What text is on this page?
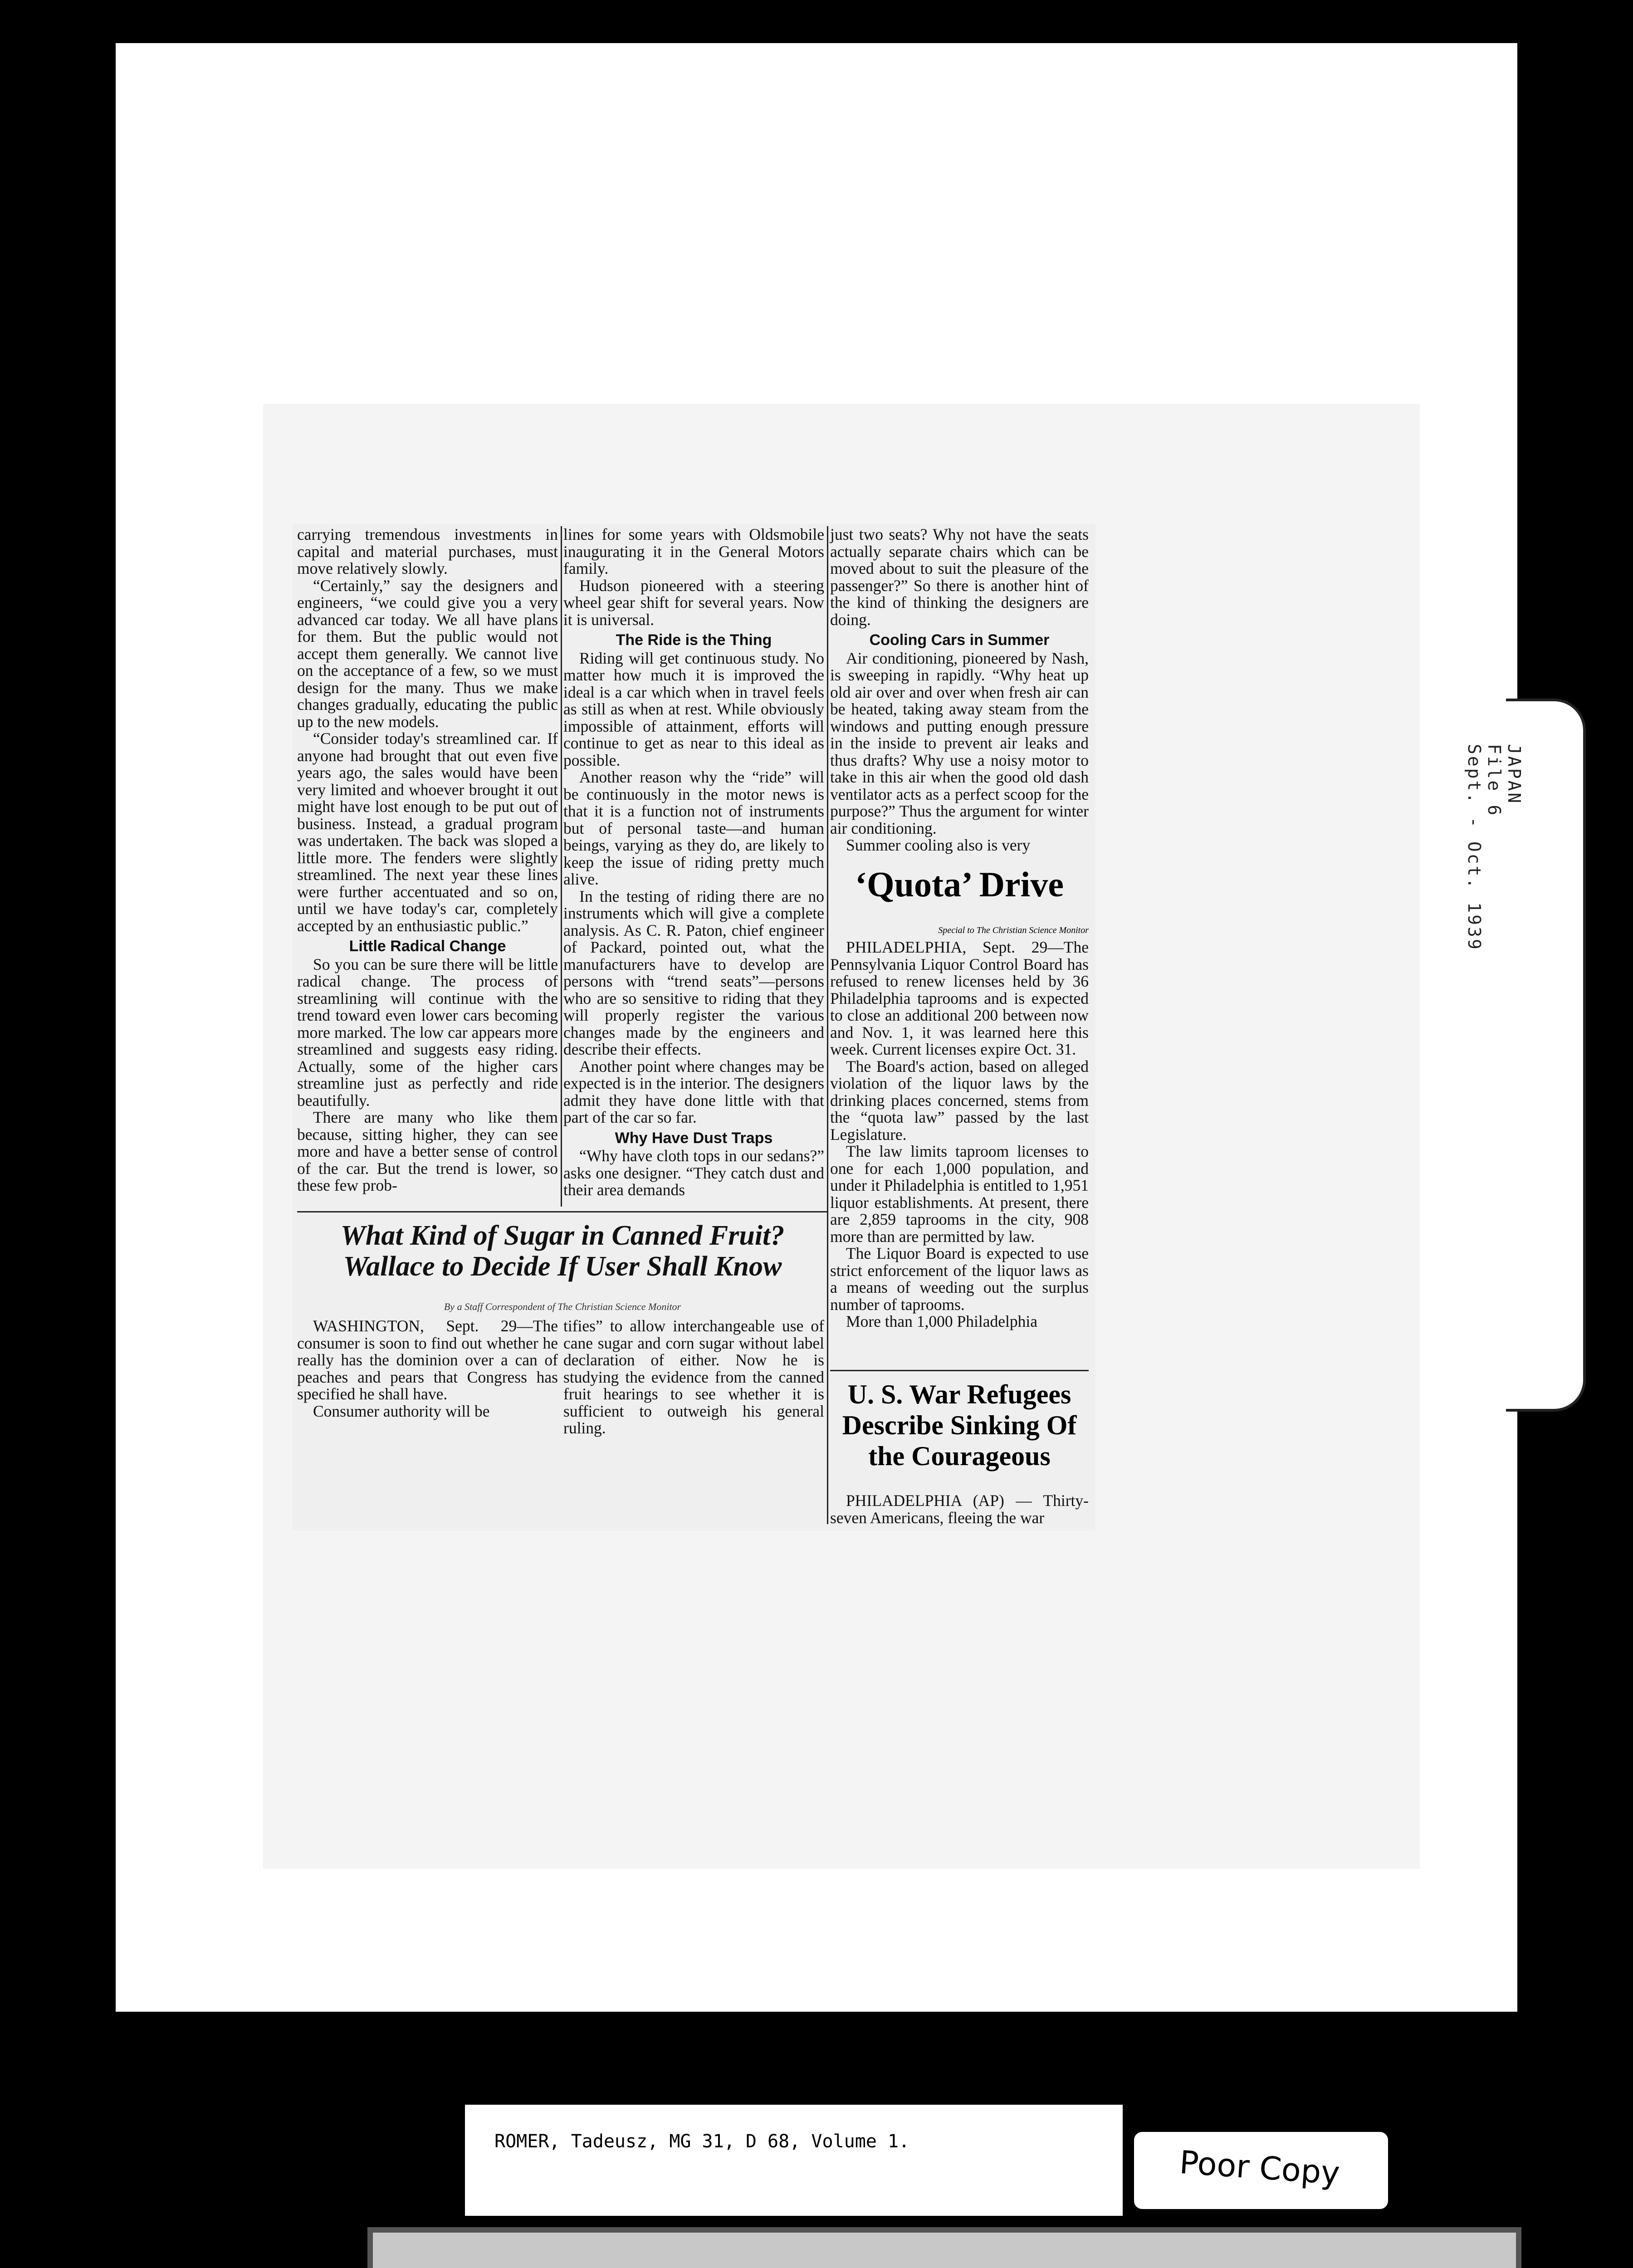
JAPAN
File 6
Sept. - Oct. 1939

carrying tremendous investments in capital and material purchases, must move relatively slowly.

“Certainly,” say the designers and engineers, “we could give you a very advanced car today. We all have plans for them. But the public would not accept them generally. We cannot live on the acceptance of a few, so we must design for the many. Thus we make changes gradually, educating the public up to the new models.

“Consider today's streamlined car. If anyone had brought that out even five years ago, the sales would have been very limited and whoever brought it out might have lost enough to be put out of business. Instead, a gradual program was undertaken. The back was sloped a little more. The fenders were slightly streamlined. The next year these lines were further accentuated and so on, until we have today's car, completely accepted by an enthusiastic public.”

Little Radical Change

So you can be sure there will be little radical change. The process of streamlining will continue with the trend toward even lower cars becoming more marked. The low car appears more streamlined and suggests easy riding. Actually, some of the higher cars streamline just as perfectly and ride beautifully.

There are many who like them because, sitting higher, they can see more and have a better sense of control of the car. But the trend is lower, so these few prob-

lines for some years with Oldsmobile inaugurating it in the General Motors family.

Hudson pioneered with a steering wheel gear shift for several years. Now it is universal.

The Ride is the Thing

Riding will get continuous study. No matter how much it is improved the ideal is a car which when in travel feels as still as when at rest. While obviously impossible of attainment, efforts will continue to get as near to this ideal as possible.

Another reason why the “ride” will be continuously in the motor news is that it is a function not of instruments but of personal taste—and human beings, varying as they do, are likely to keep the issue of riding pretty much alive.

In the testing of riding there are no instruments which will give a complete analysis. As C. R. Paton, chief engineer of Packard, pointed out, what the manufacturers have to develop are persons with “trend seats”—persons who are so sensitive to riding that they will properly register the various changes made by the engineers and describe their effects.

Another point where changes may be expected is in the interior. The designers admit they have done little with that part of the car so far.

Why Have Dust Traps

“Why have cloth tops in our sedans?” asks one designer. “They catch dust and their area demands

just two seats? Why not have the seats actually separate chairs which can be moved about to suit the pleasure of the passenger?” So there is another hint of the kind of thinking the designers are doing.

Cooling Cars in Summer

Air conditioning, pioneered by Nash, is sweeping in rapidly. “Why heat up old air over and over when fresh air can be heated, taking away steam from the windows and putting enough pressure in the inside to prevent air leaks and thus drafts? Why use a noisy motor to take in this air when the good old dash ventilator acts as a perfect scoop for the purpose?” Thus the argument for winter air conditioning.

Summer cooling also is very

What Kind of Sugar in Canned Fruit? Wallace to Decide If User Shall Know
By a Staff Correspondent of The Christian Science Monitor

WASHINGTON, Sept. 29—The consumer is soon to find out whether he really has the dominion over a can of peaches and pears that Congress has specified he shall have.

Consumer authority will be

tifies” to allow interchangeable use of cane sugar and corn sugar without label declaration of either. Now he is studying the evidence from the canned fruit hearings to see whether it is sufficient to outweigh his general ruling.

‘Quota’ Drive
Special to The Christian Science Monitor

PHILADELPHIA, Sept. 29—The Pennsylvania Liquor Control Board has refused to renew licenses held by 36 Philadelphia taprooms and is expected to close an additional 200 between now and Nov. 1, it was learned here this week. Current licenses expire Oct. 31.

The Board's action, based on alleged violation of the liquor laws by the drinking places concerned, stems from the “quota law” passed by the last Legislature.

The law limits taproom licenses to one for each 1,000 population, and under it Philadelphia is entitled to 1,951 liquor establishments. At present, there are 2,859 taprooms in the city, 908 more than are permitted by law.

The Liquor Board is expected to use strict enforcement of the liquor laws as a means of weeding out the surplus number of taprooms.

More than 1,000 Philadelphia

U. S. War Refugees Describe Sinking Of the Courageous

PHILADELPHIA (AP) — Thirty-seven Americans, fleeing the war

ROMER, Tadeusz, MG 31, D 68, Volume 1.
Poor Copy
